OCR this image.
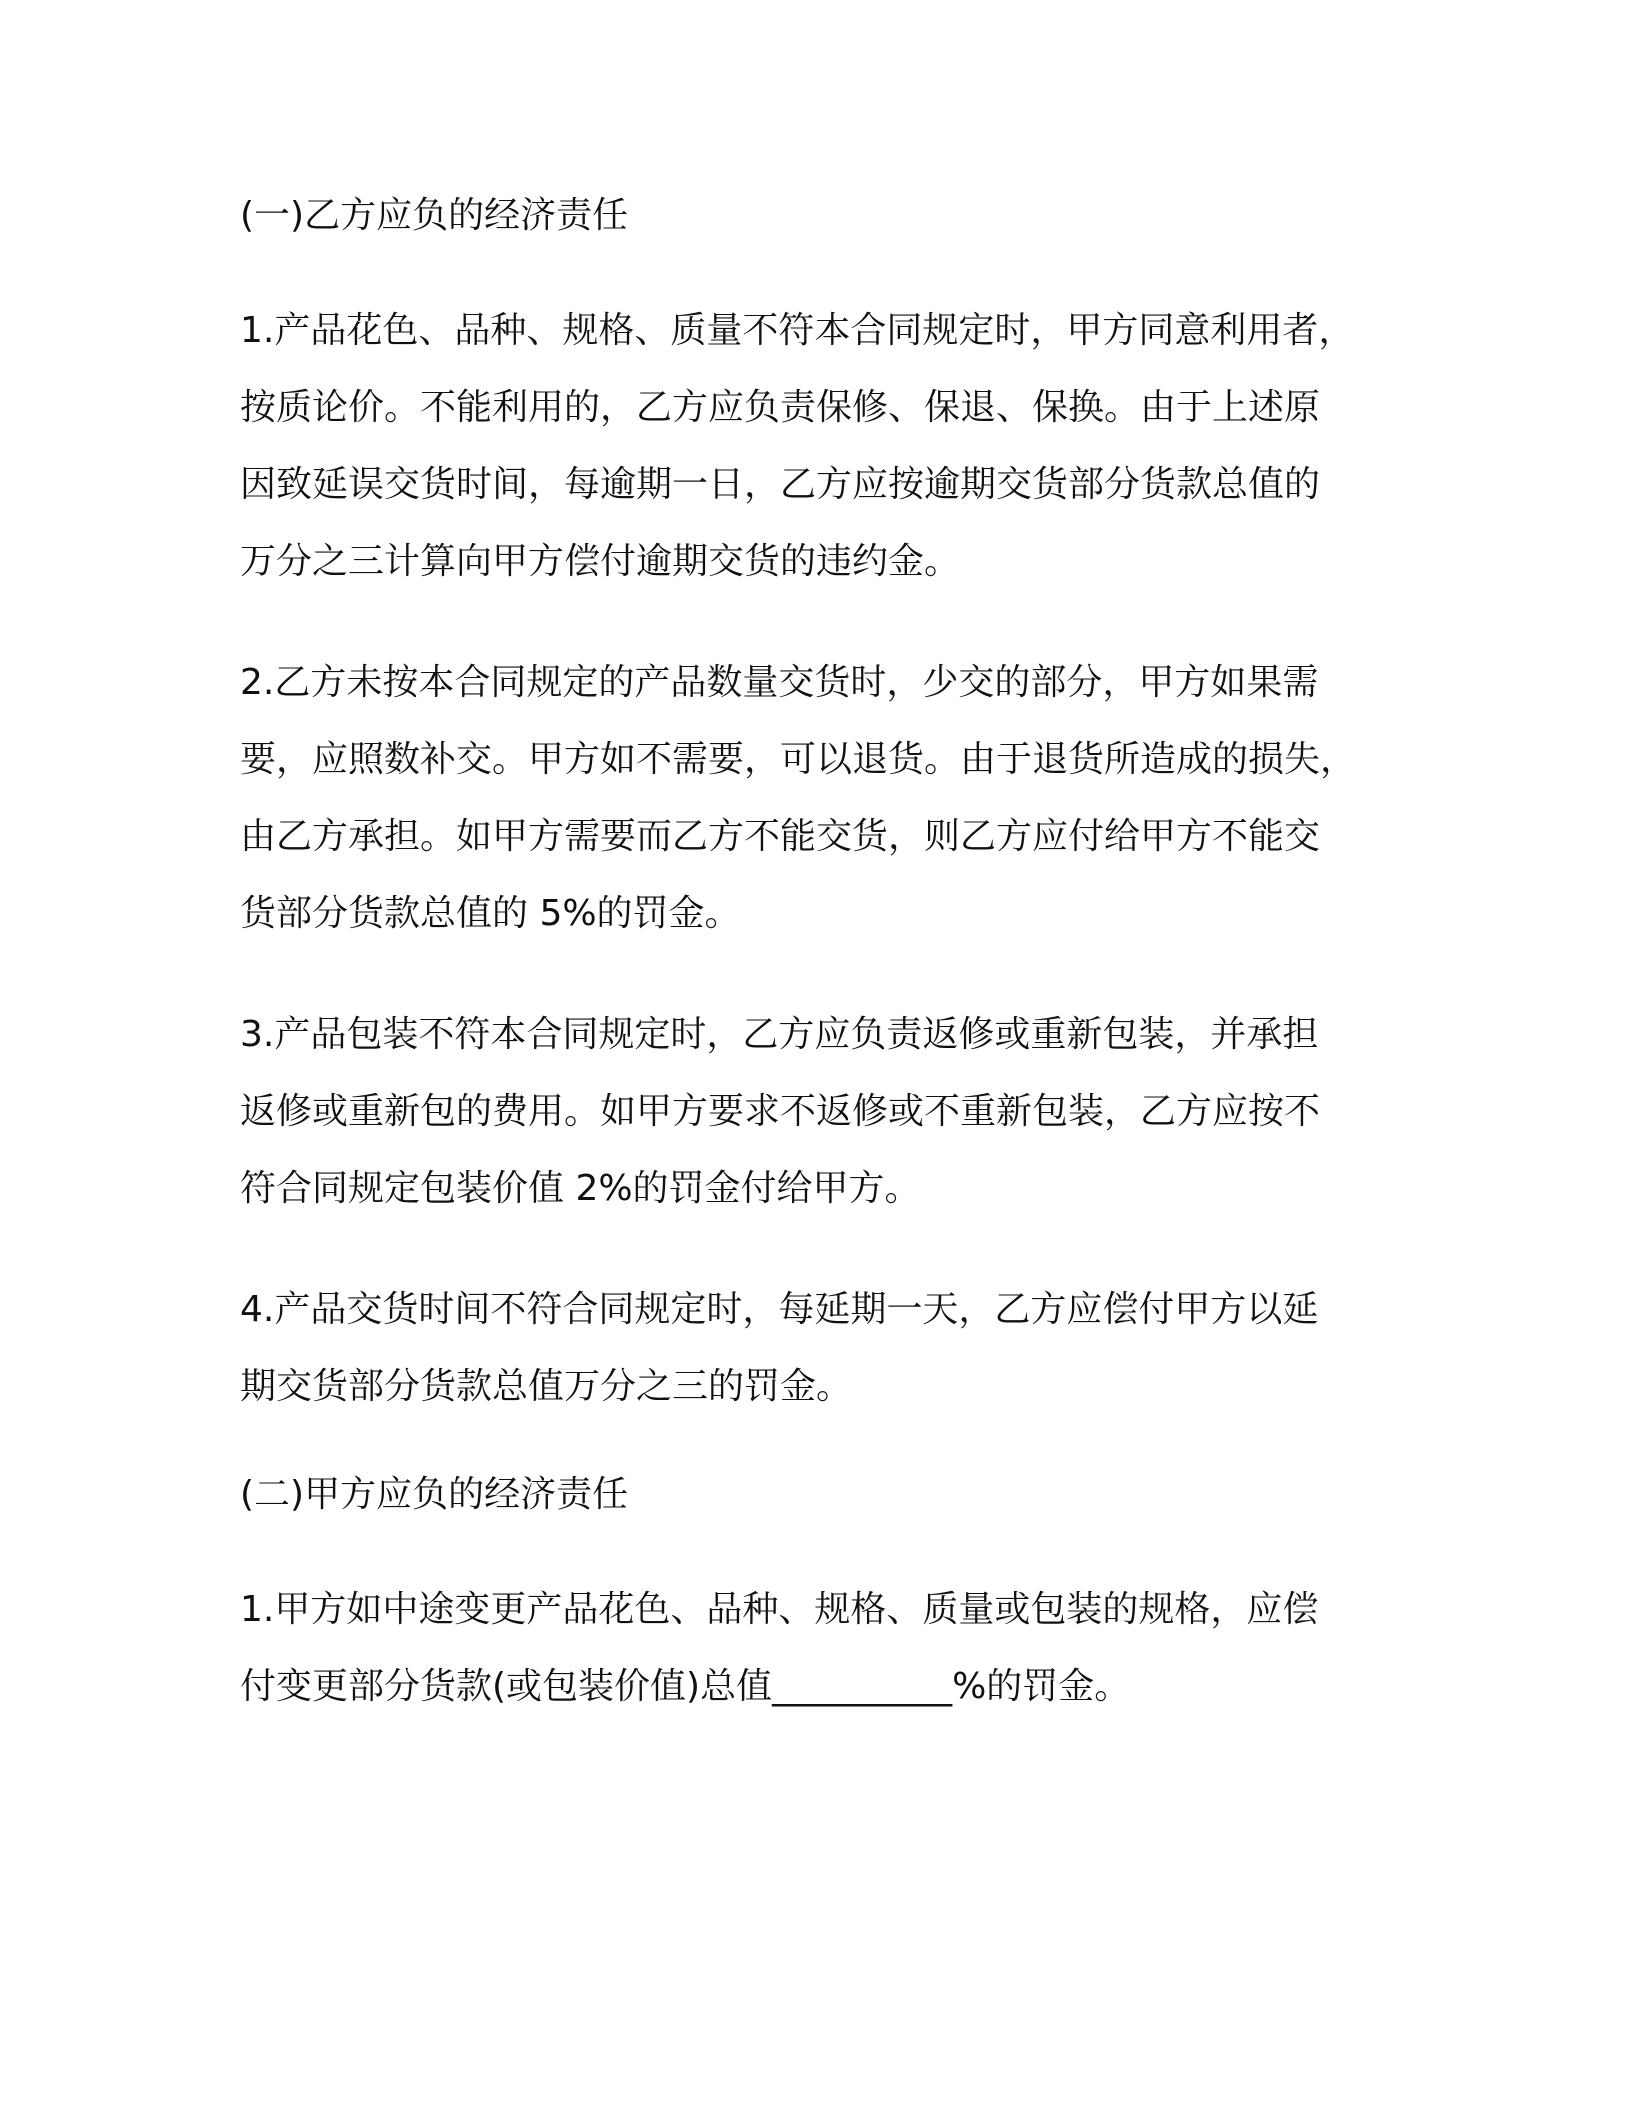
(一)乙方应负的经济责任

1.产品花色、品种、规格、质量不符本合同规定时，甲方同意利用者，
按质论价。不能利用的，乙方应负责保修、保退、保换。由于上述原
因致延误交货时间，每逾期一日，乙方应按逾期交货部分货款总值的
万分之三计算向甲方偿付逾期交货的违约金。

2.乙方未按本合同规定的产品数量交货时，少交的部分，甲方如果需
要，应照数补交。甲方如不需要，可以退货。由于退货所造成的损失，
由乙方承担。如甲方需要而乙方不能交货，则乙方应付给甲方不能交
货部分货款总值的 5%的罚金。

3.产品包装不符本合同规定时，乙方应负责返修或重新包装，并承担
返修或重新包的费用。如甲方要求不返修或不重新包装，乙方应按不
符合同规定包装价值 2%的罚金付给甲方。

4.产品交货时间不符合同规定时，每延期一天，乙方应偿付甲方以延
期交货部分货款总值万分之三的罚金。

(二)甲方应负的经济责任

1.甲方如中途变更产品花色、品种、规格、质量或包装的规格，应偿
付变更部分货款(或包装价值)总值__________%的罚金。
